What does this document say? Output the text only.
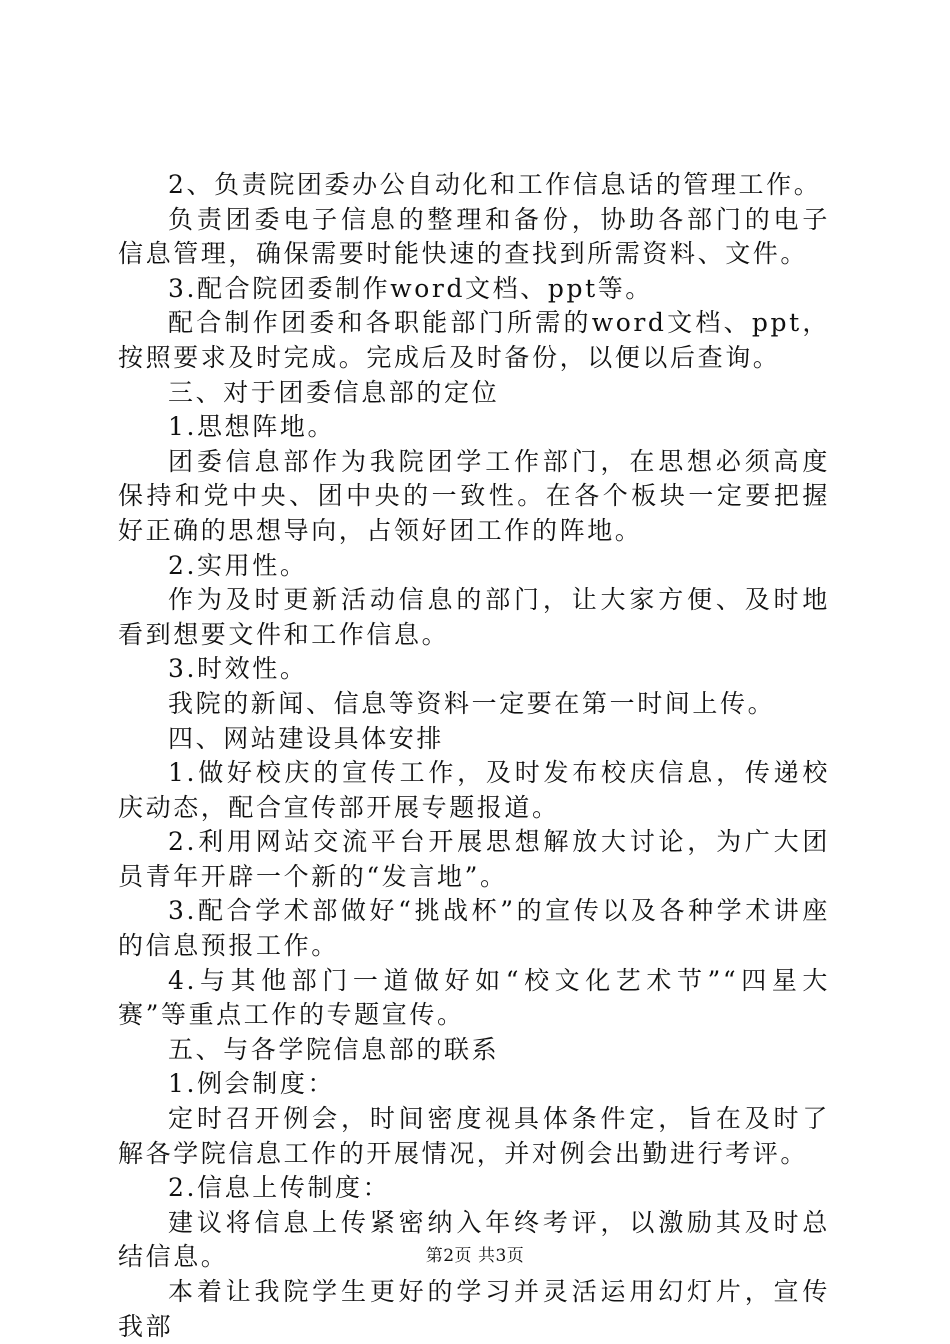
2、负责院团委办公自动化和工作信息话的管理工作。

负责团委电子信息的整理和备份，协助各部门的电子信息管理，确保需要时能快速的查找到所需资料、文件。

3.配合院团委制作word文档、ppt等。

配合制作团委和各职能部门所需的word文档、ppt，按照要求及时完成。完成后及时备份，以便以后查询。

三、对于团委信息部的定位

1.思想阵地。

团委信息部作为我院团学工作部门，在思想必须高度保持和党中央、团中央的一致性。在各个板块一定要把握好正确的思想导向，占领好团工作的阵地。

2.实用性。

作为及时更新活动信息的部门，让大家方便、及时地看到想要文件和工作信息。

3.时效性。

我院的新闻、信息等资料一定要在第一时间上传。

四、网站建设具体安排

1.做好校庆的宣传工作，及时发布校庆信息，传递校庆动态，配合宣传部开展专题报道。

2.利用网站交流平台开展思想解放大讨论，为广大团员青年开辟一个新的“发言地”。

3.配合学术部做好“挑战杯”的宣传以及各种学术讲座的信息预报工作。

4.与其他部门一道做好如“校文化艺术节”“四星大赛”等重点工作的专题宣传。

五、与各学院信息部的联系

1.例会制度：

定时召开例会，时间密度视具体条件定，旨在及时了解各学院信息工作的开展情况，并对例会出勤进行考评。

2.信息上传制度：

建议将信息上传紧密纳入年终考评，以激励其及时总结信息。

本着让我院学生更好的学习并灵活运用幻灯片，宣传我部

第2页 共3页
